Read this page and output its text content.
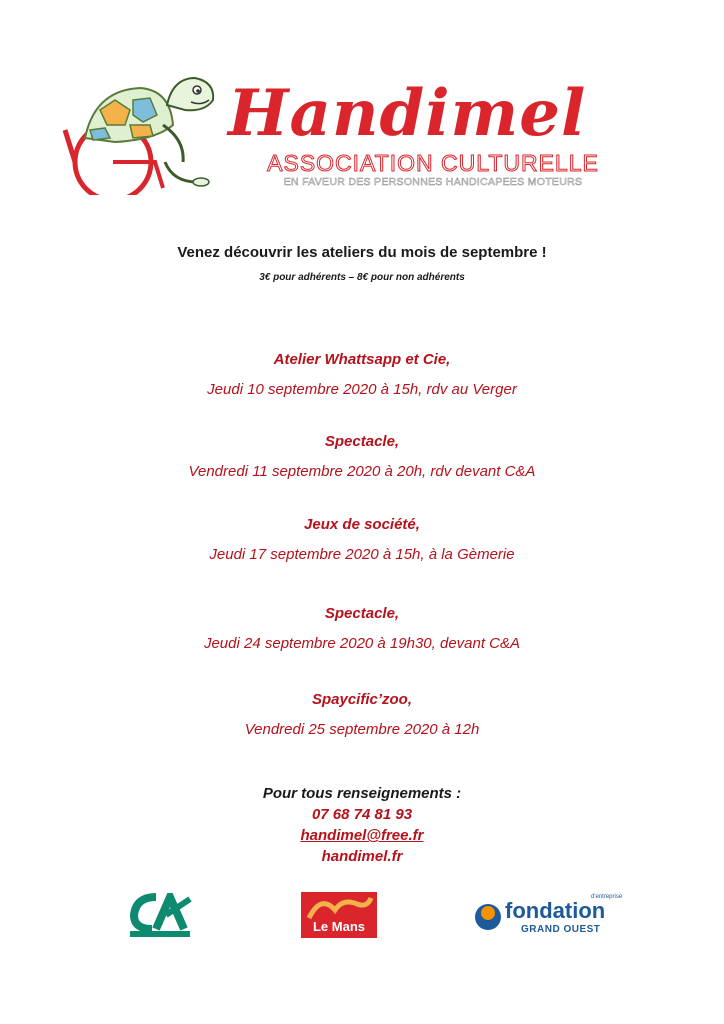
Handimel
ASSOCIATION CULTURELLE
EN FAVEUR DES PERSONNES HANDICAPEES MOTEURS
Venez découvrir les ateliers du mois de septembre !
3€ pour adhérents – 8€ pour non adhérents
Atelier Whattsapp et Cie,
Jeudi 10 septembre 2020 à 15h, rdv au Verger
Spectacle,
Vendredi 11 septembre 2020 à 20h, rdv devant C&A
Jeux de société,
Jeudi 17 septembre 2020 à 15h, à la Gèmerie
Spectacle,
Jeudi 24 septembre 2020 à 19h30, devant C&A
Spaycific’zoo,
Vendredi 25 septembre 2020 à 12h
Pour tous renseignements :
07 68 74 81 93
handimel@free.fr
handimel.fr
Le Mans
fondation
d'entreprise
GRAND OUEST
